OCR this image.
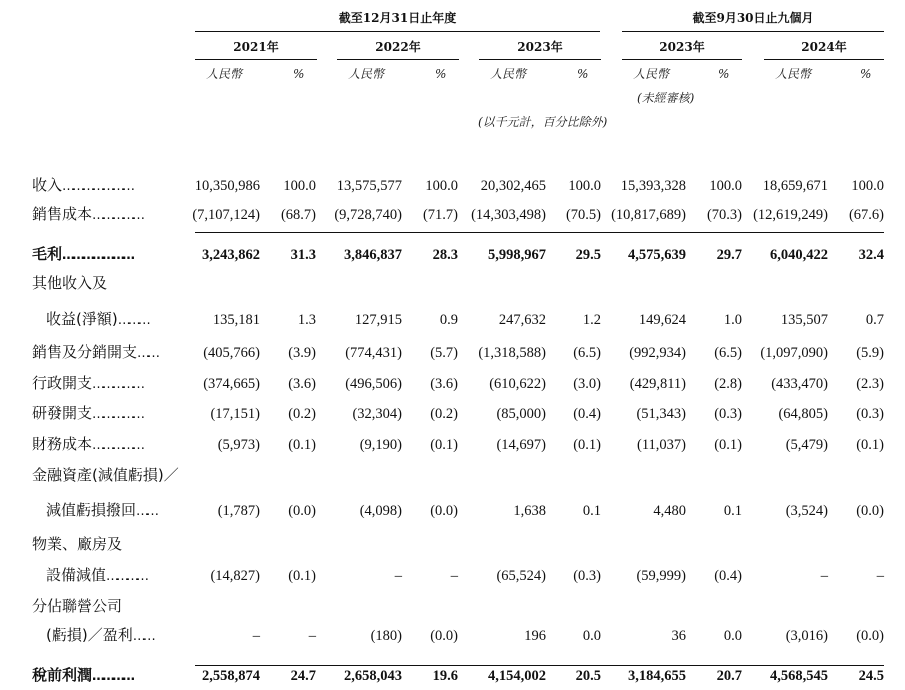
截至12月31日止年度	截至9月30日止九個月
2021年	2022年	2023年	2023年	2024年
人民幣	%	人民幣	%	人民幣	%	人民幣	%	人民幣	%
(未經審核)
(以千元計，百分比除外)
收入…………………	10,350,986	100.0	13,575,577	100.0	20,302,465	100.0	15,393,328	100.0	18,659,671	100.0
銷售成本……………	(7,107,124)	(68.7)	(9,728,740)	(71.7) (14,303,498)	(70.5) (10,817,689)	(70.3) (12,619,249)	(67.6)
毛利…………………	3,243,862	31.3	3,846,837	28.3	5,998,967	29.5	4,575,639	29.7	6,040,422	32.4
其他收入及
收益(淨額)………	135,181	1.3	127,915	0.9	247,632	1.2	149,624	1.0	135,507	0.7
銷售及分銷開支……	(405,766)	(3.9)	(774,431)	(5.7)	(1,318,588)	(6.5)	(992,934)	(6.5)	(1,097,090)	(5.9)
行政開支……………	(374,665)	(3.6)	(496,506)	(3.6)	(610,622)	(3.0)	(429,811)	(2.8)	(433,470)	(2.3)
研發開支……………	(17,151)	(0.2)	(32,304)	(0.2)	(85,000)	(0.4)	(51,343)	(0.3)	(64,805)	(0.3)
財務成本……………	(5,973)	(0.1)	(9,190)	(0.1)	(14,697)	(0.1)	(11,037)	(0.1)	(5,479)	(0.1)
金融資產(減值虧損)／
減值虧損撥回……	(1,787)	(0.0)	(4,098)	(0.0)	1,638	0.1	4,480	0.1	(3,524)	(0.0)
物業、廠房及
設備減值…………	(14,827)	(0.1)	–	–	(65,524)	(0.3)	(59,999)	(0.4)	–	–
分佔聯營公司
(虧損)／盈利……	–	–	(180)	(0.0)	196	0.0	36	0.0	(3,016)	(0.0)
稅前利潤…………	2,558,874	24.7	2,658,043	19.6	4,154,002	20.5	3,184,655	20.7	4,568,545	24.5
